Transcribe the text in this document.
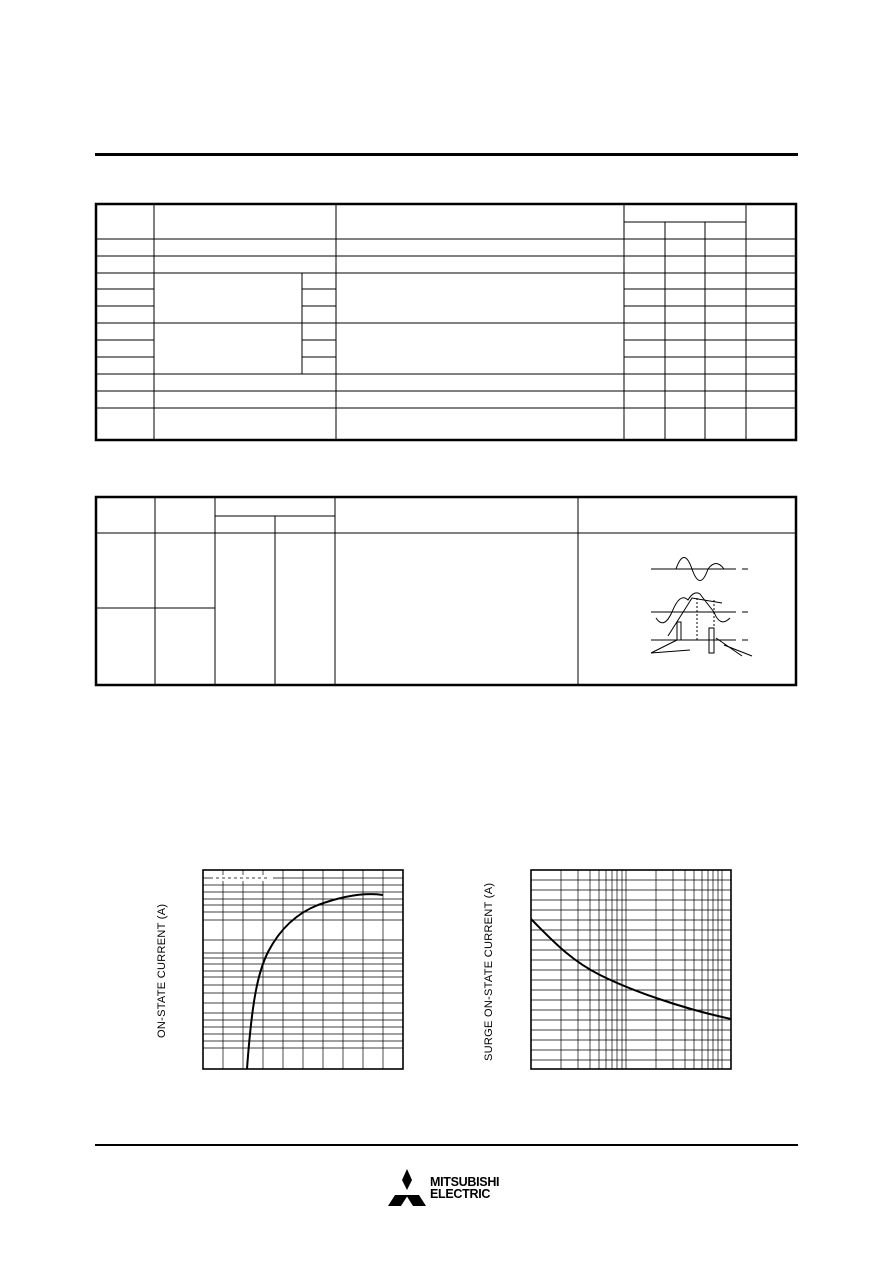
ON-STATE CURRENT (A)	SURGE ON-STATE CURRENT (A)
MITSUBISHI
ELECTRIC
